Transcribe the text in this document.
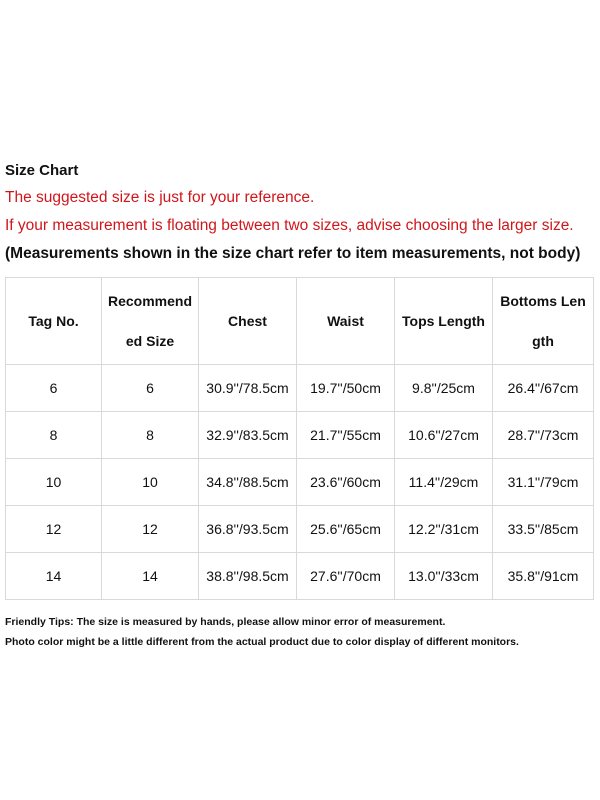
Size Chart

The suggested size is just for your reference.

If your measurement is floating between two sizes, advise choosing the larger size.

(Measurements shown in the size chart refer to item measurements, not body)

Tag No.	Recommended Size	Chest	Waist	Tops Length	Bottoms Length

6	6	30.9''/78.5cm	19.7''/50cm	9.8''/25cm	26.4''/67cm
8	8	32.9''/83.5cm	21.7''/55cm	10.6''/27cm	28.7''/73cm
10	10	34.8''/88.5cm	23.6''/60cm	11.4''/29cm	31.1''/79cm
12	12	36.8''/93.5cm	25.6''/65cm	12.2''/31cm	33.5''/85cm
14	14	38.8''/98.5cm	27.6''/70cm	13.0''/33cm	35.8''/91cm
Friendly Tips: The size is measured by hands, please allow minor error of measurement.
Photo color might be a little different from the actual product due to color display of different monitors.
